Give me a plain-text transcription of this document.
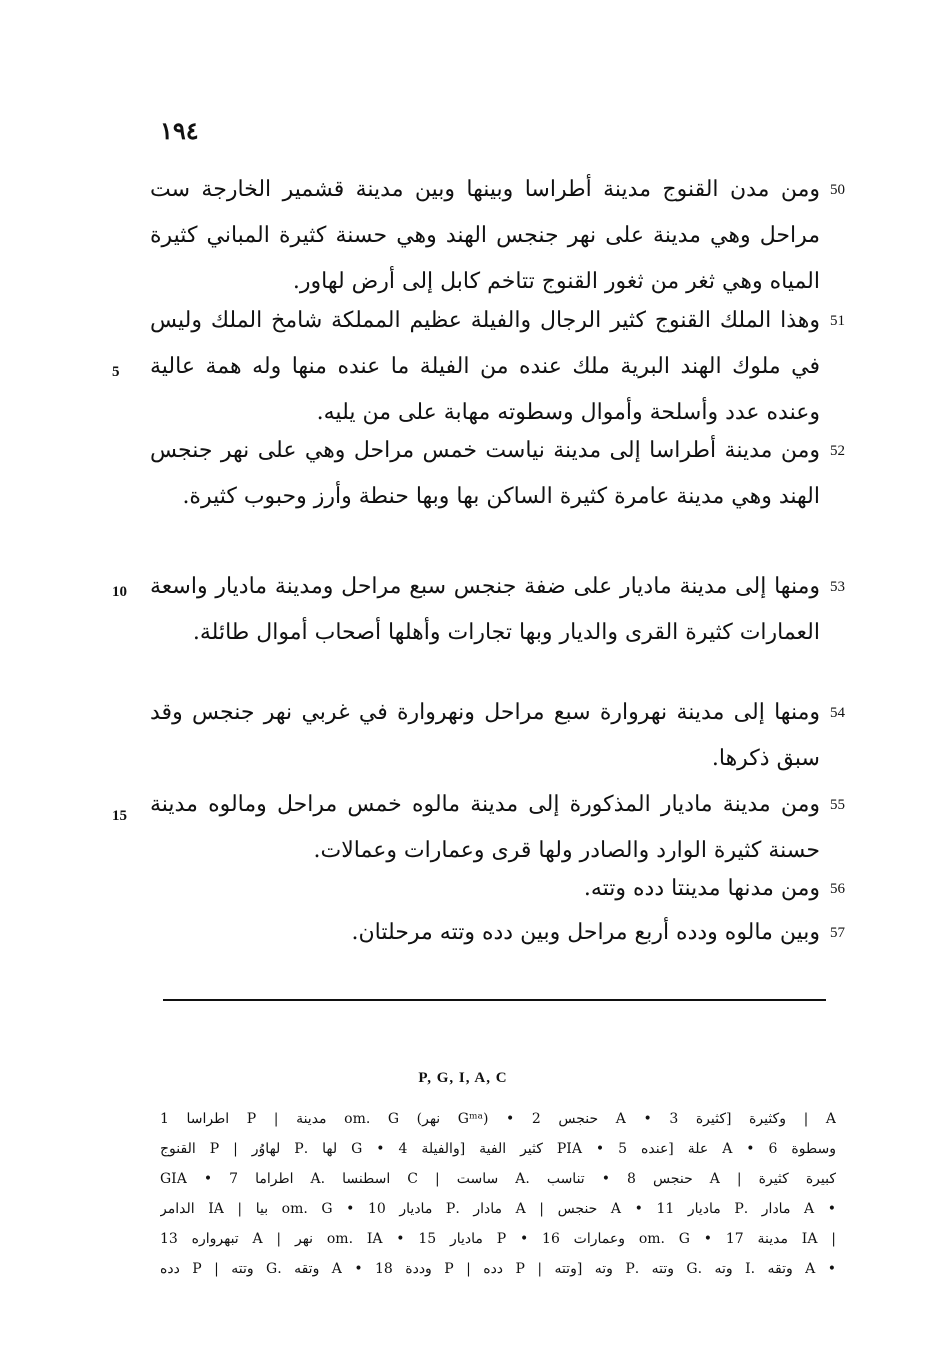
١٩٤
50
ومن مدن القنوج مدينة أطراسا وبينها وبين مدينة قشمير الخارجة ست مراحل وهي مدينة على نهر جنجس الهند وهي حسنة كثيرة المباني كثيرة المياه وهي ثغر من ثغور القنوج تتاخم كابل إلى أرض لهاور.
51
وهذا الملك القنوج كثير الرجال والفيلة عظيم المملكة شامخ الملك وليس في ملوك الهند البرية ملك عنده من الفيلة ما عنده منها وله همة عالية وعنده عدد وأسلحة وأموال وسطوته مهابة على من يليه.
52
ومن مدينة أطراسا إلى مدينة نياست خمس مراحل وهي على نهر جنجس الهند وهي مدينة عامرة كثيرة الساكن بها وبها حنطة وأرز وحبوب كثيرة.
53
ومنها إلى مدينة ماديار على ضفة جنجس سبع مراحل ومدينة ماديار واسعة العمارات كثيرة القرى والديار وبها تجارات وأهلها أصحاب أموال طائلة.
54
ومنها إلى مدينة نهروارة سبع مراحل ونهروارة في غربي نهر جنجس وقد سبق ذكرها.
55
ومن مدينة ماديار المذكورة إلى مدينة مالوه خمس مراحل ومالوه مدينة حسنة كثيرة الوارد والصادر ولها قرى وعمارات وعمالات.
56
ومن مدنها مدينتا دده وتته.
57
وبين مالوه ودده أربع مراحل وبين دده وتته مرحلتان.
5
10
15
P, G, I, A, C
A | وكثيرة [كثيرة 3 • A حنجس 2 • (Gᵐᵃ نهر) om. G مدينة | P اطراسا 1
وسطوة 6 • A علة [عنده 5 • PIA كثير الفية [والفيلة 4 • G لها .P لهاوُر | P القنوج
كبيرة كثيرة | A حنجس 8 • تناسب .A ساست | C اسطنسا .A اطراما 7 • GIA
• A مادار .P ماديار 11 • A حنجس | A مادار .P ماديار 10 • om. G بيا | IA الدامر
| IA مدينة 17 • om. G وعمارات 16 • P ماديار 15 • om. IA نهر | A تبهرواره 13
• A وتقه .I وته .G وتته .P وته [وتته | P دده | P وددة 18 • A وتقه .G وتته | P دده
